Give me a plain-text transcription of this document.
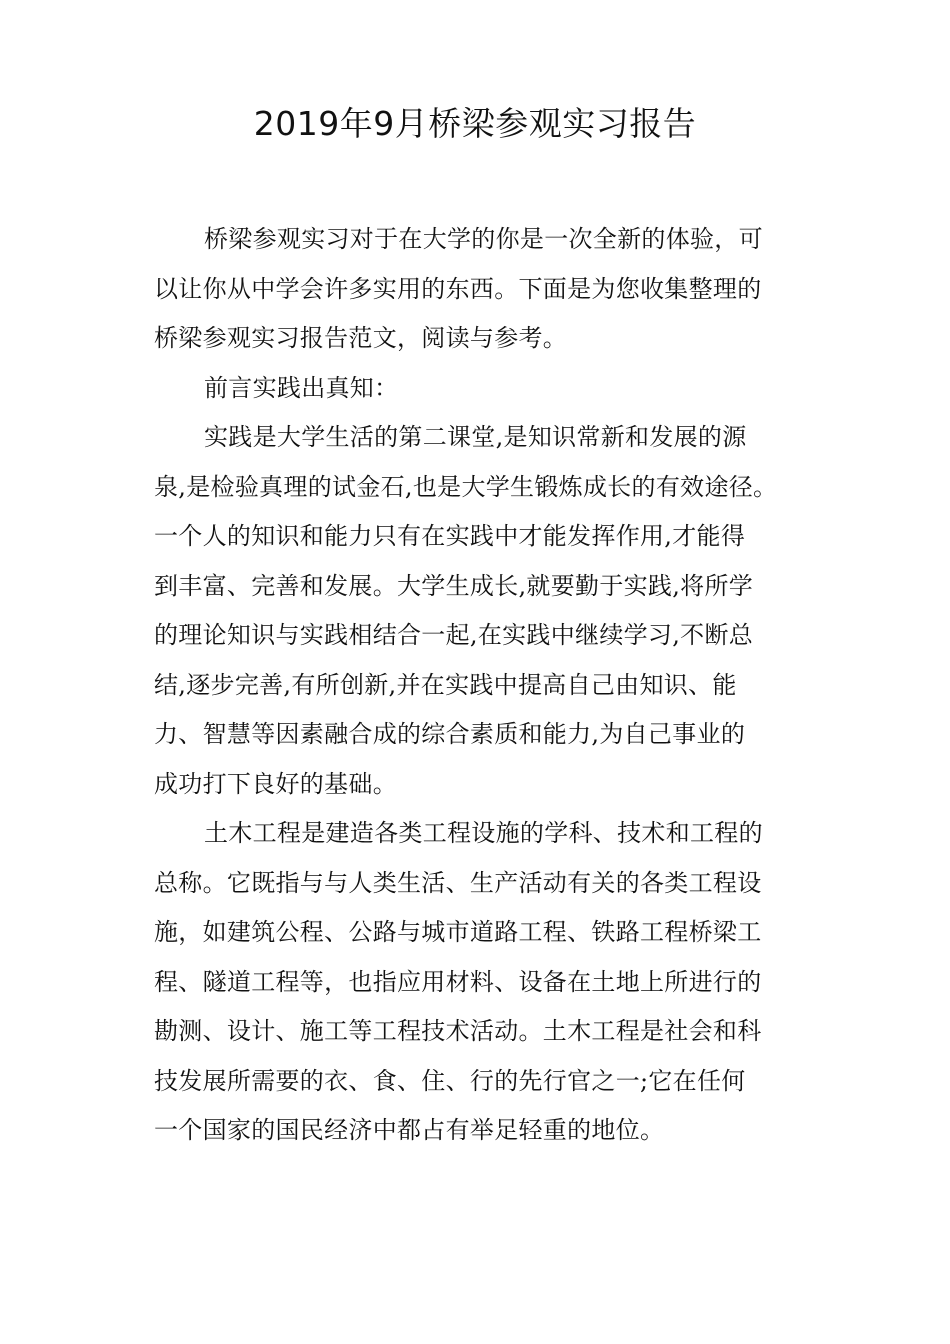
2019年9月桥梁参观实习报告

桥梁参观实习对于在大学的你是一次全新的体验，可
以让你从中学会许多实用的东西。下面是为您收集整理的
桥梁参观实习报告范文，阅读与参考。

前言实践出真知：

实践是大学生活的第二课堂,是知识常新和发展的源
泉,是检验真理的试金石,也是大学生锻炼成长的有效途径。
一个人的知识和能力只有在实践中才能发挥作用,才能得
到丰富、完善和发展。大学生成长,就要勤于实践,将所学
的理论知识与实践相结合一起,在实践中继续学习,不断总
结,逐步完善,有所创新,并在实践中提高自己由知识、能
力、智慧等因素融合成的综合素质和能力,为自己事业的
成功打下良好的基础。

土木工程是建造各类工程设施的学科、技术和工程的
总称。它既指与与人类生活、生产活动有关的各类工程设
施，如建筑公程、公路与城市道路工程、铁路工程桥梁工
程、隧道工程等，也指应用材料、设备在土地上所进行的
勘测、设计、施工等工程技术活动。土木工程是社会和科
技发展所需要的衣、食、住、行的先行官之一;它在任何
一个国家的国民经济中都占有举足轻重的地位。
